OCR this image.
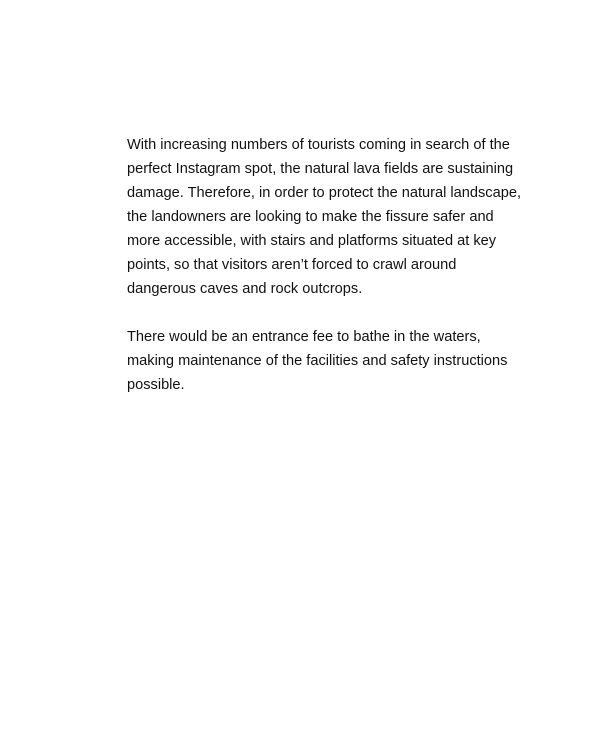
With increasing numbers of tourists coming in search of the
perfect Instagram spot, the natural lava fields are sustaining
damage. Therefore, in order to protect the natural landscape,
the landowners are looking to make the fissure safer and
more accessible, with stairs and platforms situated at key
points, so that visitors aren’t forced to crawl around
dangerous caves and rock outcrops.

There would be an entrance fee to bathe in the waters,
making maintenance of the facilities and safety instructions
possible.
